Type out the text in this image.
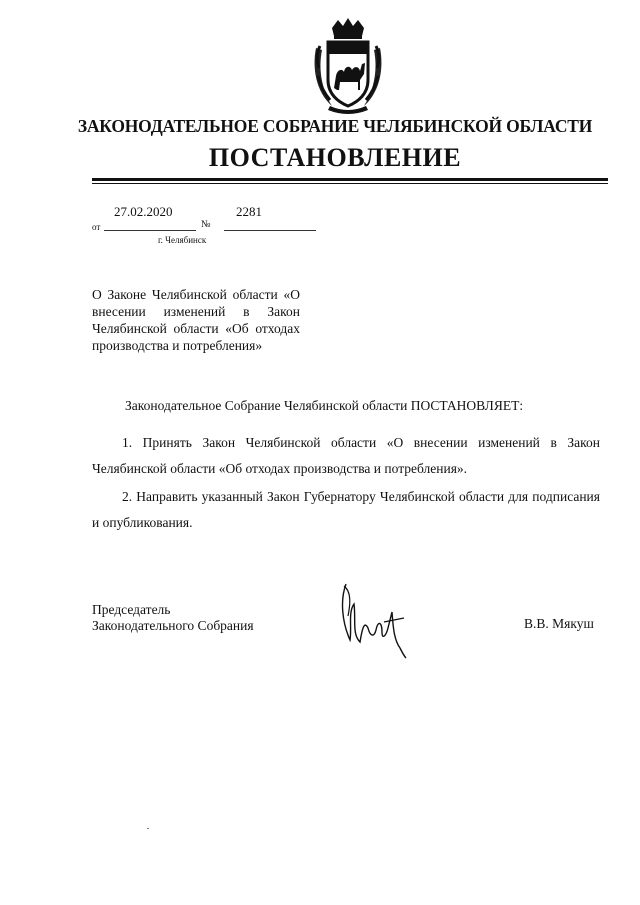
ЗАКОНОДАТЕЛЬНОЕ СОБРАНИЕ ЧЕЛЯБИНСКОЙ ОБЛАСТИ
ПОСТАНОВЛЕНИЕ
27.02.2020
от	№
2281
г. Челябинск
О Законе Челябинской области «О внесении изменений в Закон Челябинской области «Об отходах производства и потребления»
Законодательное Собрание Челябинской области ПОСТАНОВЛЯЕТ:
1. Принять Закон Челябинской области «О внесении изменений в Закон Челябинской области «Об отходах производства и потребления».
2. Направить указанный Закон Губернатору Челябинской области для подписания и опубликования.
Председатель
Законодательного Собрания	В.В. Мякуш
